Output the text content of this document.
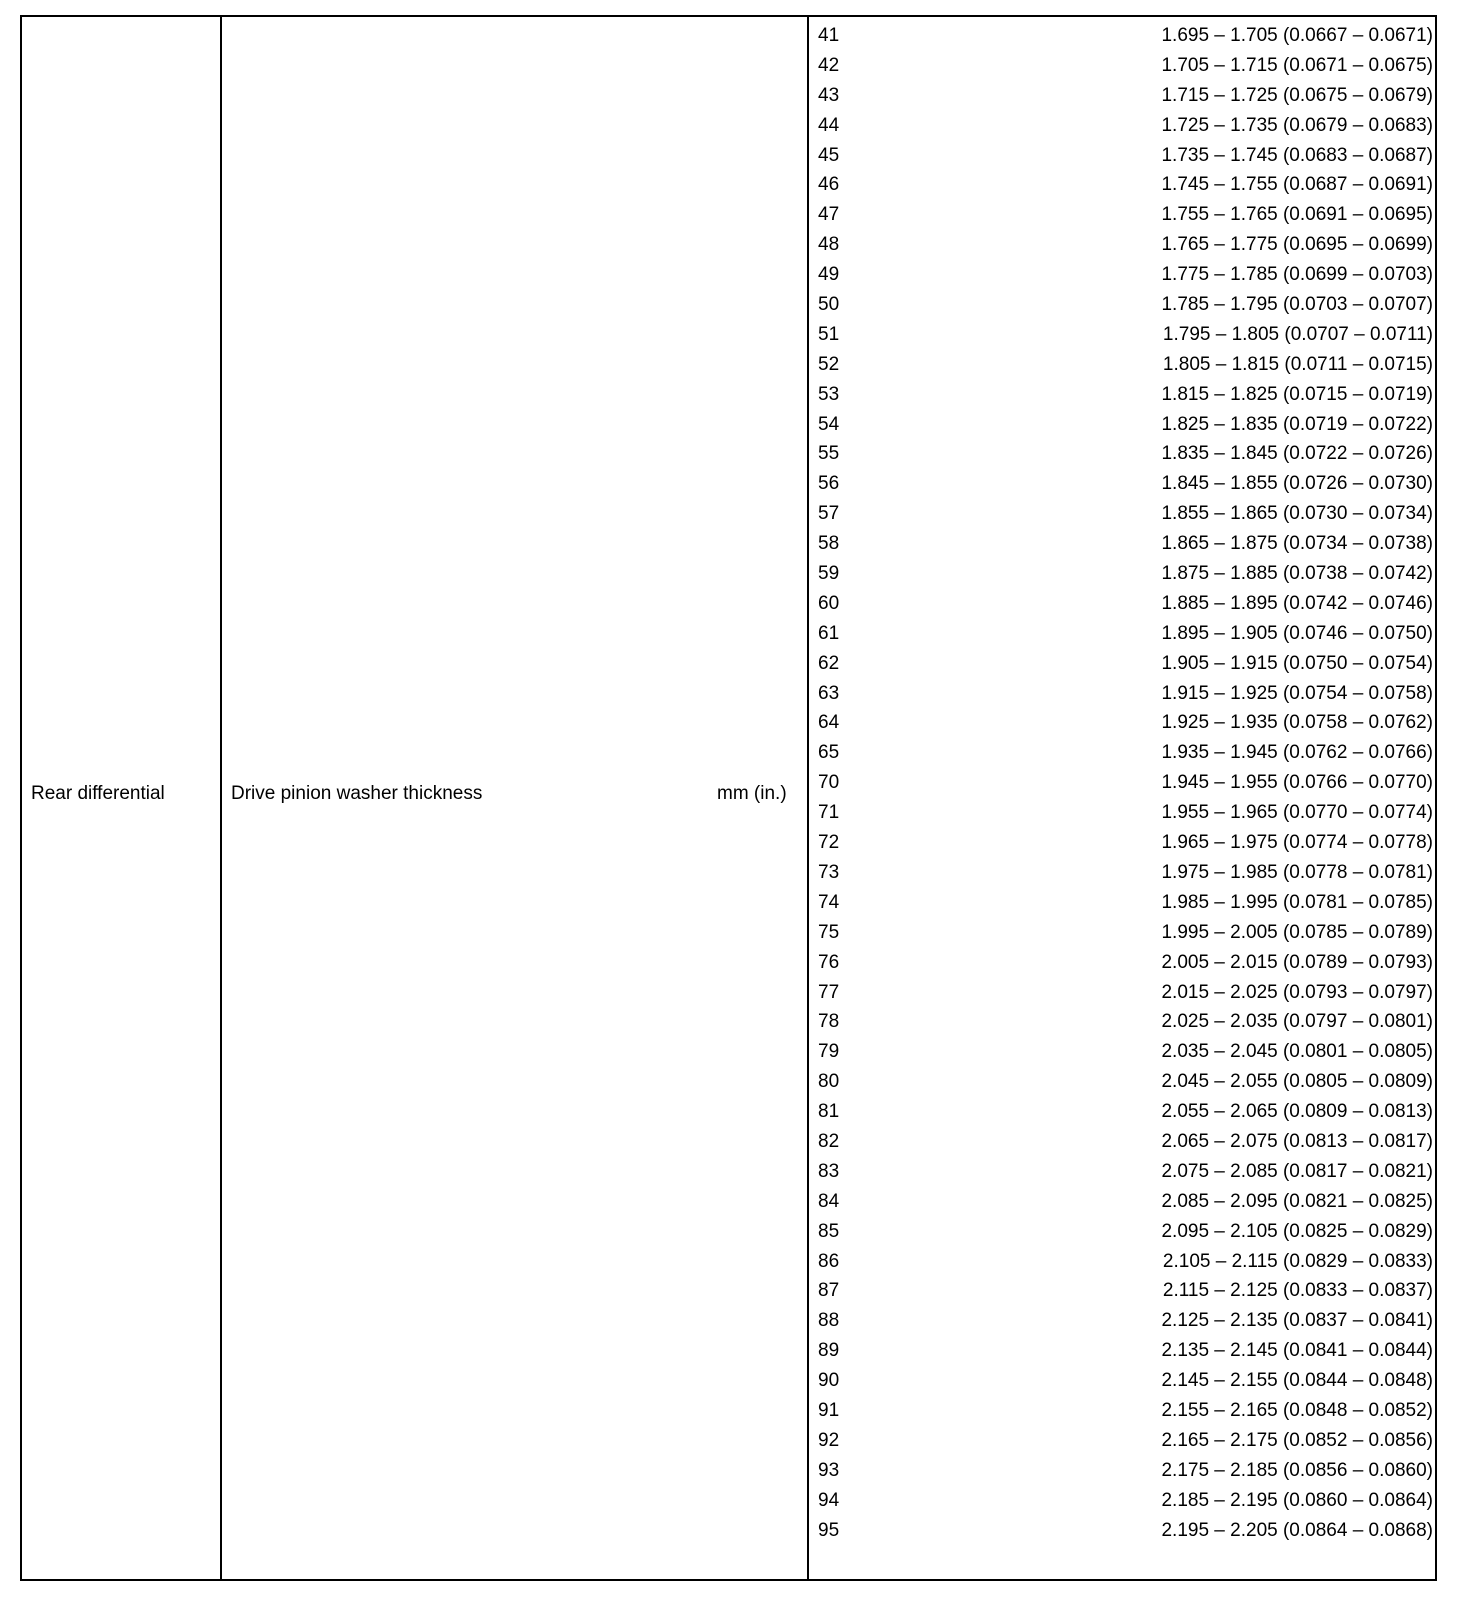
Rear differential	Drive pinion washer thickness	mm (in.)
41	1.695 – 1.705 (0.0667 – 0.0671)
42	1.705 – 1.715 (0.0671 – 0.0675)
43	1.715 – 1.725 (0.0675 – 0.0679)
44	1.725 – 1.735 (0.0679 – 0.0683)
45	1.735 – 1.745 (0.0683 – 0.0687)
46	1.745 – 1.755 (0.0687 – 0.0691)
47	1.755 – 1.765 (0.0691 – 0.0695)
48	1.765 – 1.775 (0.0695 – 0.0699)
49	1.775 – 1.785 (0.0699 – 0.0703)
50	1.785 – 1.795 (0.0703 – 0.0707)
51	1.795 – 1.805 (0.0707 – 0.0711)
52	1.805 – 1.815 (0.0711 – 0.0715)
53	1.815 – 1.825 (0.0715 – 0.0719)
54	1.825 – 1.835 (0.0719 – 0.0722)
55	1.835 – 1.845 (0.0722 – 0.0726)
56	1.845 – 1.855 (0.0726 – 0.0730)
57	1.855 – 1.865 (0.0730 – 0.0734)
58	1.865 – 1.875 (0.0734 – 0.0738)
59	1.875 – 1.885 (0.0738 – 0.0742)
60	1.885 – 1.895 (0.0742 – 0.0746)
61	1.895 – 1.905 (0.0746 – 0.0750)
62	1.905 – 1.915 (0.0750 – 0.0754)
63	1.915 – 1.925 (0.0754 – 0.0758)
64	1.925 – 1.935 (0.0758 – 0.0762)
65	1.935 – 1.945 (0.0762 – 0.0766)
70	1.945 – 1.955 (0.0766 – 0.0770)
71	1.955 – 1.965 (0.0770 – 0.0774)
72	1.965 – 1.975 (0.0774 – 0.0778)
73	1.975 – 1.985 (0.0778 – 0.0781)
74	1.985 – 1.995 (0.0781 – 0.0785)
75	1.995 – 2.005 (0.0785 – 0.0789)
76	2.005 – 2.015 (0.0789 – 0.0793)
77	2.015 – 2.025 (0.0793 – 0.0797)
78	2.025 – 2.035 (0.0797 – 0.0801)
79	2.035 – 2.045 (0.0801 – 0.0805)
80	2.045 – 2.055 (0.0805 – 0.0809)
81	2.055 – 2.065 (0.0809 – 0.0813)
82	2.065 – 2.075 (0.0813 – 0.0817)
83	2.075 – 2.085 (0.0817 – 0.0821)
84	2.085 – 2.095 (0.0821 – 0.0825)
85	2.095 – 2.105 (0.0825 – 0.0829)
86	2.105 – 2.115 (0.0829 – 0.0833)
87	2.115 – 2.125 (0.0833 – 0.0837)
88	2.125 – 2.135 (0.0837 – 0.0841)
89	2.135 – 2.145 (0.0841 – 0.0844)
90	2.145 – 2.155 (0.0844 – 0.0848)
91	2.155 – 2.165 (0.0848 – 0.0852)
92	2.165 – 2.175 (0.0852 – 0.0856)
93	2.175 – 2.185 (0.0856 – 0.0860)
94	2.185 – 2.195 (0.0860 – 0.0864)
95	2.195 – 2.205 (0.0864 – 0.0868)
